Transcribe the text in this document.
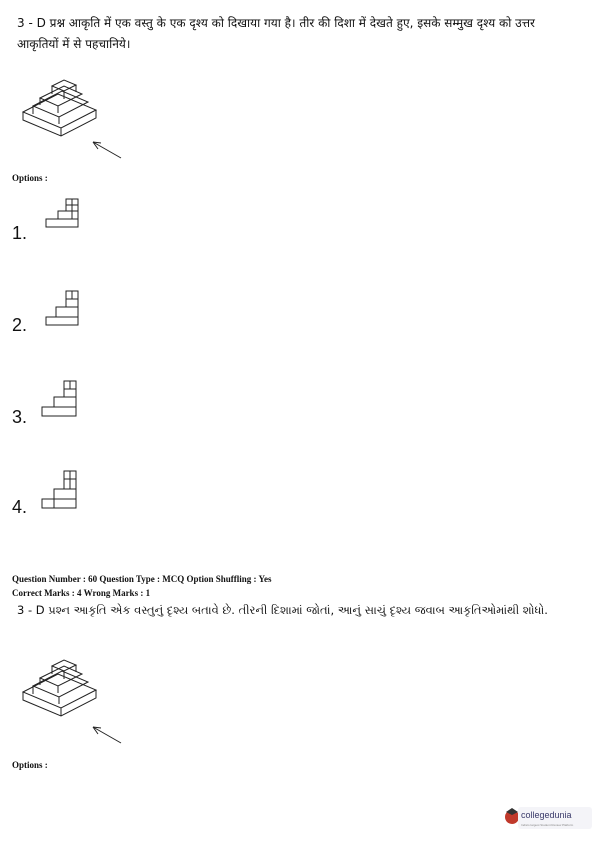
3 - D प्रश्न आकृति में एक वस्तु के एक दृश्य को दिखाया गया है। तीर की दिशा में देखते हुए, इसके सम्मुख दृश्य को उत्तर आकृतियों में से पहचानिये।
Options :
1.
2.
3.
4.
Question Number : 60 Question Type : MCQ Option Shuffling : Yes
Correct Marks : 4 Wrong Marks : 1
3 - D પ્રશ્ન આકૃતિ એક વસ્તુનું દૃશ્ય બતાવે છે. તીરની દિશામાં જોતાં, આનું સાચું દૃશ્ય જવાબ આકૃતિઓમાંથી શોધો.
Options :
collegedunia
India's largest Student Review Platform
